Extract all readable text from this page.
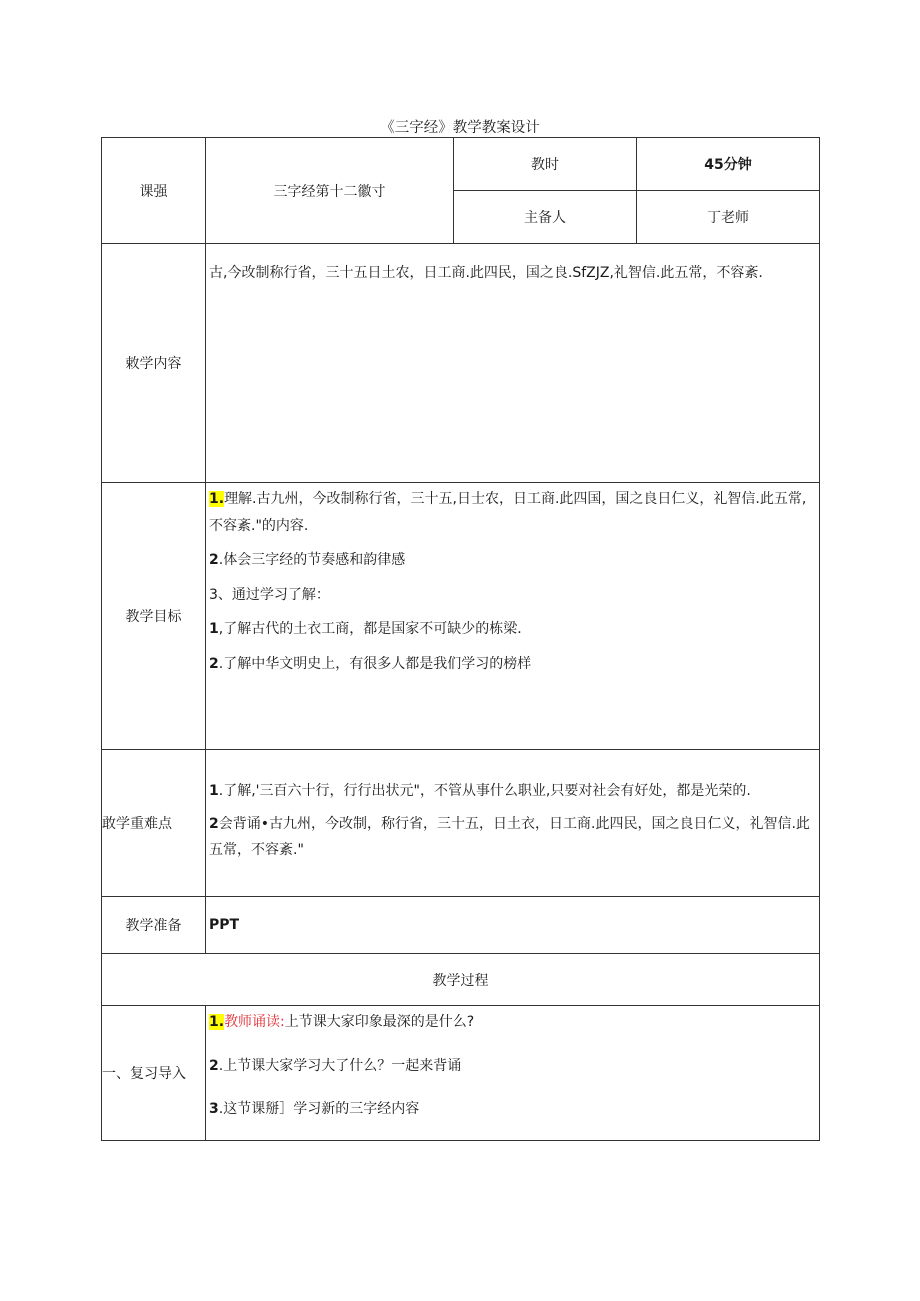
《三字经》教学教案设计
课强	三字经第十二徽寸	教时	45分钟
		主备人	丁老师
敕学内容	古,今改制称行省，三十五日土农，日工商.此四民，国之良.SfZJZ,礼智信.此五常，不容紊.		

教学目标	1.理解.古九州，今改制称行省，三十五,日士农，日工商.此四国，国之良日仁义，礼智信.此五常,不容紊."的内容.
2.体会三字经的节奏感和韵律感
3、通过学习了解：
1,了解古代的土衣工商，都是国家不可缺少的栋梁.
2.了解中华文明史上，有很多人都是我们学习的榜样		

敢学重难点	1.了解,'三百六十行，行行出状元"，不管从事什么职业,只要对社会有好处，都是光荣的.
2会背诵•古九州，今改制，称行省，三十五，日土衣，日工商.此四民，国之良日仁义，礼智信.此五常，不容紊."		

教学准备	PPT		

教学过程			
一、复习导入	1.教师诵读:上节课大家印象最深的是什么?
2.上节课大家学习大了什么？一起来背诵
3.这节课掰］学习新的三字经内容		
